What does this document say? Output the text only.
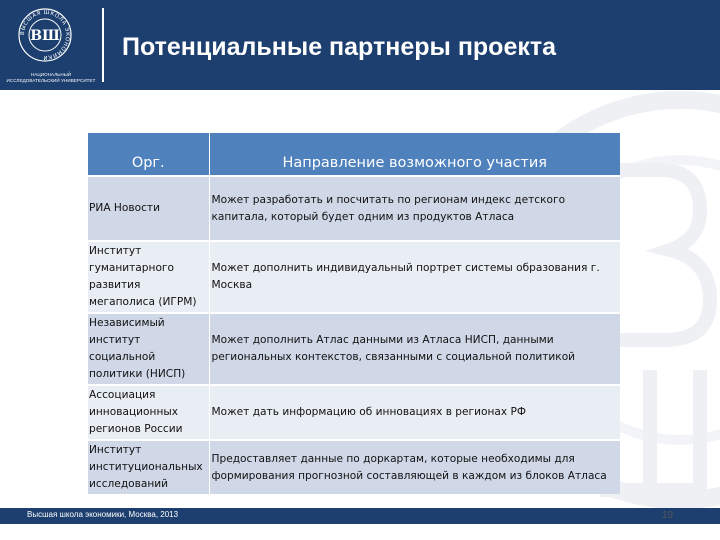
ВЫСШАЯ ШКОЛА ЭКОНОМИКИ
ВШ
НАЦИОНАЛЬНЫЙ ИССЛЕДОВАТЕЛЬСКИЙ УНИВЕРСИТЕТ
Потенциальные партнеры проекта
Орг.	Направление возможного участия
РИА Новости	Может разработать и посчитать по регионам индекс детского капитала, который будет одним из продуктов Атласа
Институт гуманитарного развития мегаполиса (ИГРМ)	Может дополнить индивидуальный портрет системы образования г. Москва
Независимый институт социальной политики (НИСП)	Может дополнить Атлас данными из Атласа НИСП, данными региональных контекстов, связанными с социальной политикой
Ассоциация инновационных регионов России	Может дать информацию об инновациях в регионах РФ
Институт институциональных исследований	Предоставляет данные по доркартам, которые необходимы для формирования прогнозной составляющей в каждом из блоков Атласа
Высшая школа экономики, Москва, 2013	19
